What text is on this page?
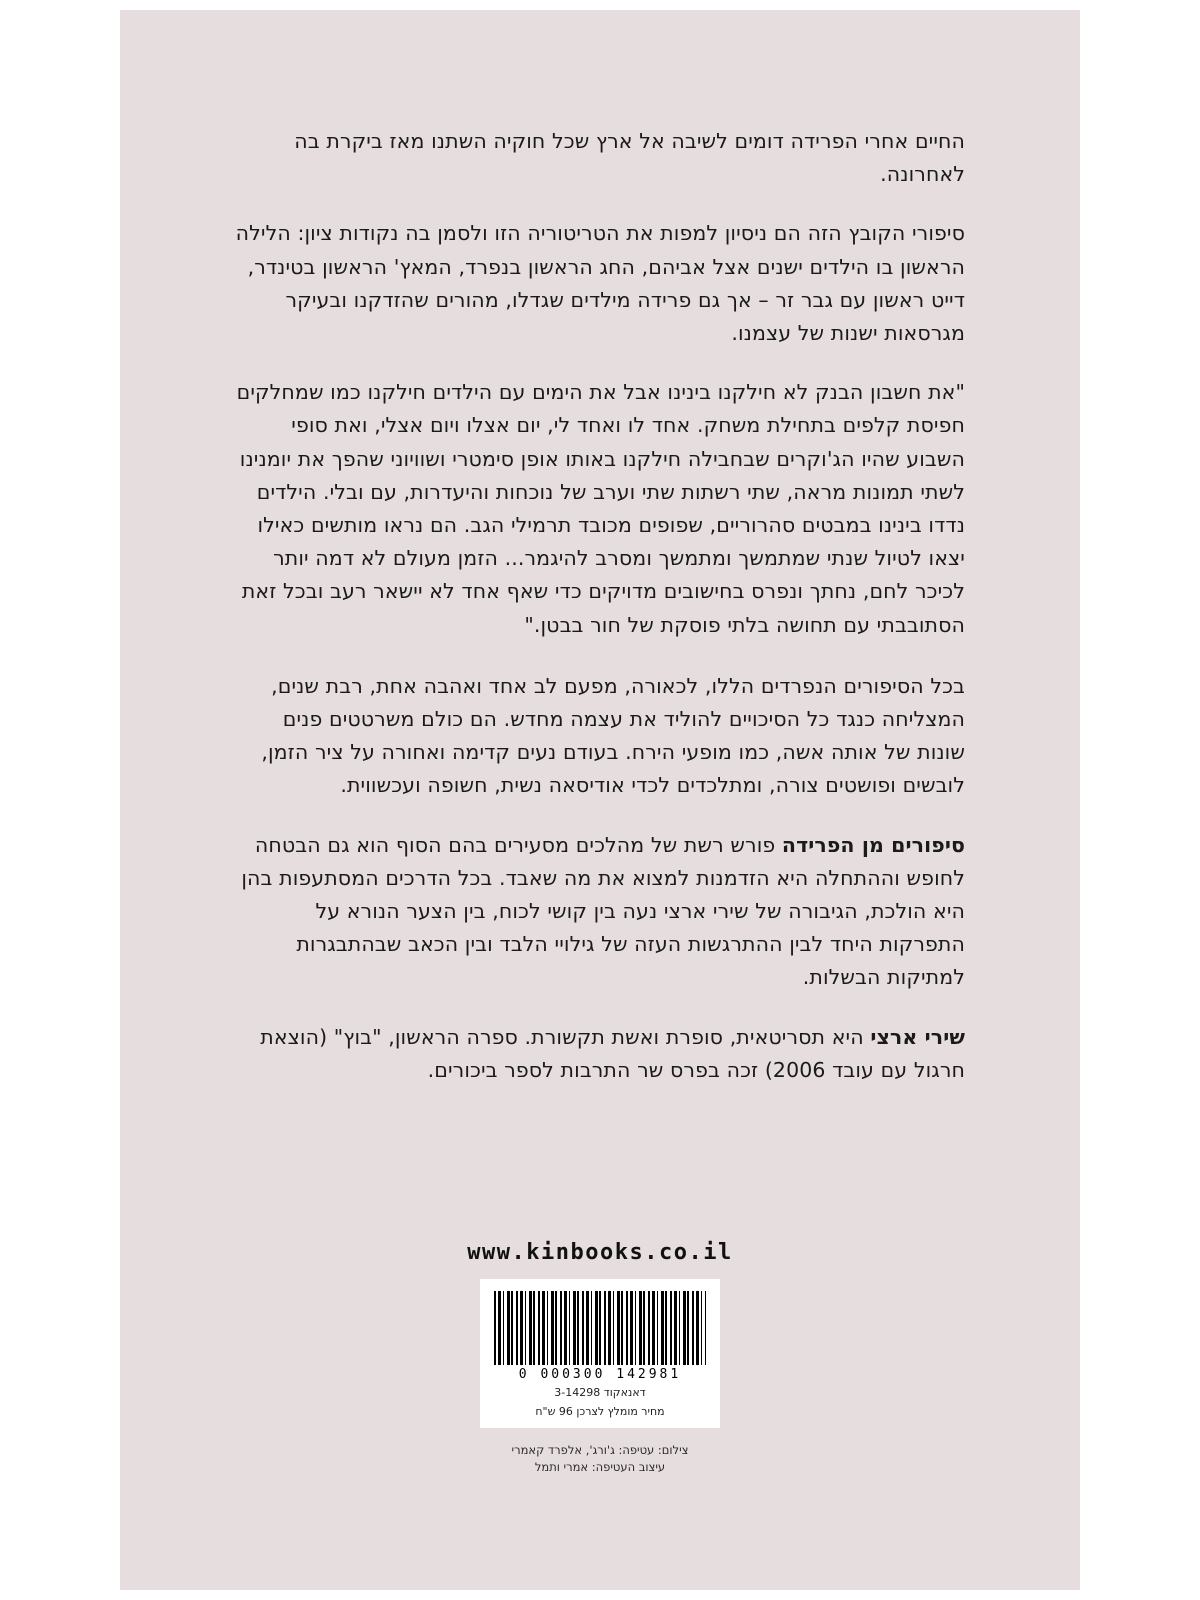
החיים אחרי הפרידה דומים לשיבה אל ארץ שכל חוקיה השתנו מאז ביקרת בה לאחרונה.

סיפורי הקובץ הזה הם ניסיון למפות את הטריטוריה הזו ולסמן בה נקודות ציון: הלילה הראשון בו הילדים ישנים אצל אביהם, החג הראשון בנפרד, המאץ' הראשון בטינדר, דייט ראשון עם גבר זר – אך גם פרידה מילדים שגדלו, מהורים שהזדקנו ובעיקר מגרסאות ישנות של עצמנו.

"את חשבון הבנק לא חילקנו בינינו אבל את הימים עם הילדים חילקנו כמו שמחלקים חפיסת קלפים בתחילת משחק. אחד לו ואחד לי, יום אצלו ויום אצלי, ואת סופי השבוע שהיו הג'וקרים שבחבילה חילקנו באותו אופן סימטרי ושוויוני שהפך את יומנינו לשתי תמונות מראה, שתי רשתות שתי וערב של נוכחות והיעדרות, עם ובלי. הילדים נדדו בינינו במבטים סהרוריים, שפופים מכובד תרמילי הגב. הם נראו מותשים כאילו יצאו לטיול שנתי שמתמשך ומתמשך ומסרב להיגמר... הזמן מעולם לא דמה יותר לכיכר לחם, נחתך ונפרס בחישובים מדויקים כדי שאף אחד לא יישאר רעב ובכל זאת הסתובבתי עם תחושה בלתי פוסקת של חור בבטן."

בכל הסיפורים הנפרדים הללו, לכאורה, מפעם לב אחד ואהבה אחת, רבת שנים, המצליחה כנגד כל הסיכויים להוליד את עצמה מחדש. הם כולם משרטטים פנים שונות של אותה אשה, כמו מופעי הירח. בעודם נעים קדימה ואחורה על ציר הזמן, לובשים ופושטים צורה, ומתלכדים לכדי אודיסאה נשית, חשופה ועכשווית.

סיפורים מן הפרידה פורש רשת של מהלכים מסעירים בהם הסוף הוא גם הבטחה לחופש וההתחלה היא הזדמנות למצוא את מה שאבד. בכל הדרכים המסתעפות בהן היא הולכת, הגיבורה של שירי ארצי נעה בין קושי לכוח, בין הצער הנורא על התפרקות היחד לבין ההתרגשות העזה של גילויי הלבד ובין הכאב שבהתבגרות למתיקות הבשלות.

שירי ארצי היא תסריטאית, סופרת ואשת תקשורת. ספרה הראשון, "בוץ" (הוצאת חרגול עם עובד 2006) זכה בפרס שר התרבות לספר ביכורים.

www.kinbooks.co.il
0 000300 142981
דאנאקוד 3-14298
מחיר מומלץ לצרכן 96 ש"ח
צילום: עטיפה: ג'ורג', אלפרד קאמרי
עיצוב העטיפה: אמרי ותמל
